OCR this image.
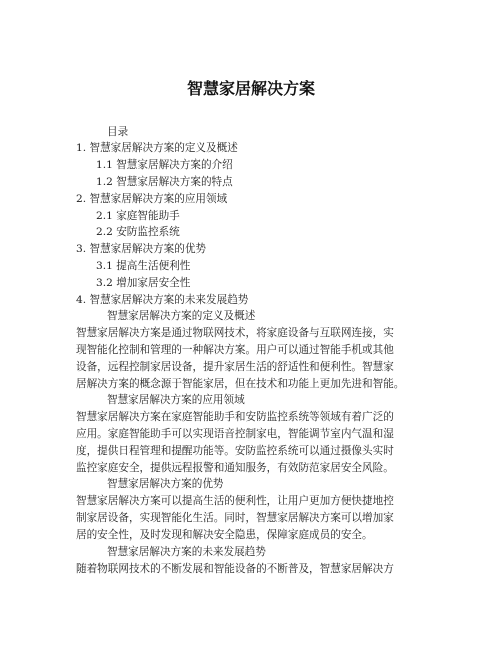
智慧家居解决方案
目录
1. 智慧家居解决方案的定义及概述
1.1 智慧家居解决方案的介绍
1.2 智慧家居解决方案的特点
2. 智慧家居解决方案的应用领域
2.1 家庭智能助手
2.2 安防监控系统
3. 智慧家居解决方案的优势
3.1 提高生活便利性
3.2 增加家居安全性
4. 智慧家居解决方案的未来发展趋势
智慧家居解决方案的定义及概述
智慧家居解决方案是通过物联网技术，将家庭设备与互联网连接，实
现智能化控制和管理的一种解决方案。用户可以通过智能手机或其他
设备，远程控制家居设备，提升家居生活的舒适性和便利性。智慧家
居解决方案的概念源于智能家居，但在技术和功能上更加先进和智能。
智慧家居解决方案的应用领域
智慧家居解决方案在家庭智能助手和安防监控系统等领域有着广泛的
应用。家庭智能助手可以实现语音控制家电，智能调节室内气温和湿
度，提供日程管理和提醒功能等。安防监控系统可以通过摄像头实时
监控家庭安全，提供远程报警和通知服务，有效防范家居安全风险。
智慧家居解决方案的优势
智慧家居解决方案可以提高生活的便利性，让用户更加方便快捷地控
制家居设备，实现智能化生活。同时，智慧家居解决方案可以增加家
居的安全性，及时发现和解决安全隐患，保障家庭成员的安全。
智慧家居解决方案的未来发展趋势
随着物联网技术的不断发展和智能设备的不断普及，智慧家居解决方
